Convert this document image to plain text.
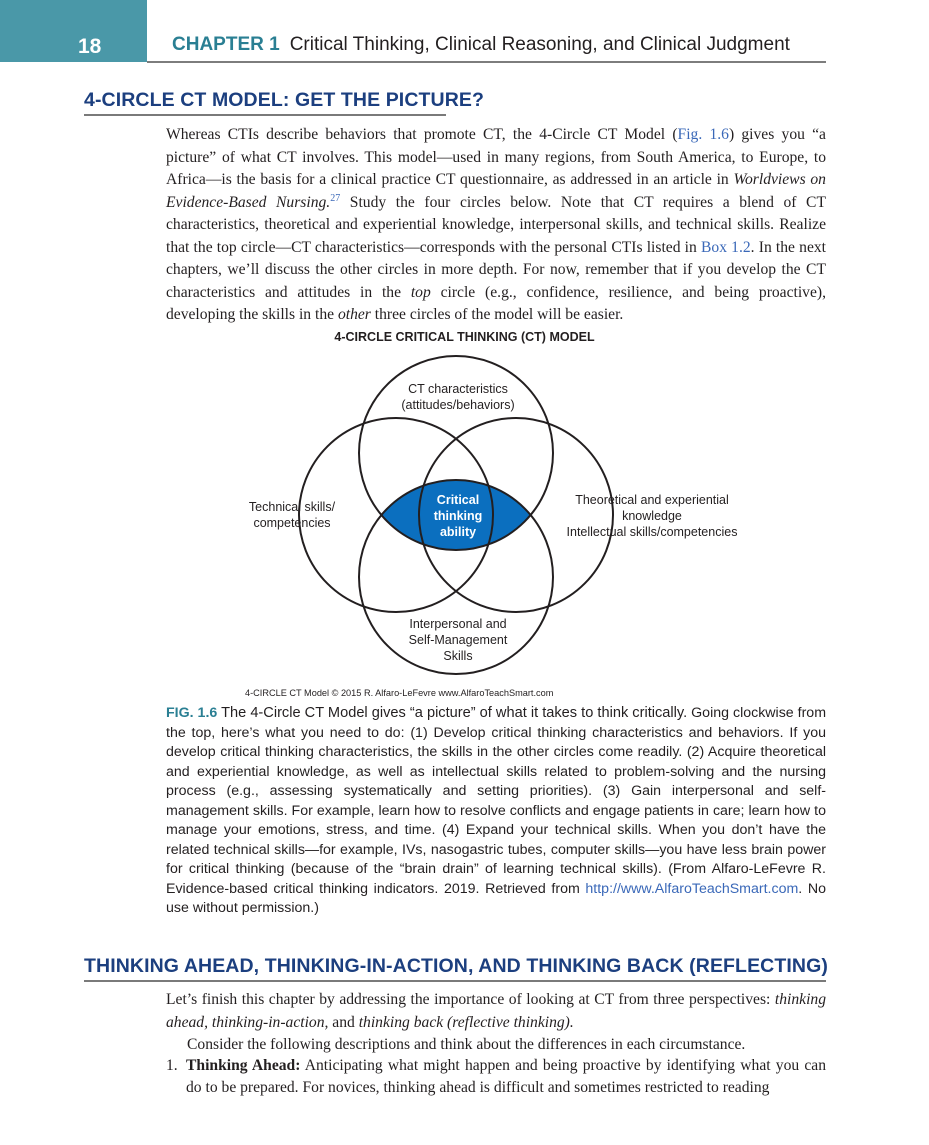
18	CHAPTER 1 Critical Thinking, Clinical Reasoning, and Clinical Judgment
4-CIRCLE CT MODEL: GET THE PICTURE?

Whereas CTIs describe behaviors that promote CT, the 4-Circle CT Model (Fig. 1.6) gives you “a picture” of what CT involves. This model—used in many regions, from South America, to Europe, to Africa—is the basis for a clinical practice CT questionnaire, as addressed in an article in Worldviews on Evidence-Based Nursing.$^{27}$ Study the four circles below. Note that CT requires a blend of CT characteristics, theoretical and experiential knowledge, interpersonal skills, and technical skills. Realize that the top circle—CT characteristics—corresponds with the personal CTIs listed in Box 1.2. In the next chapters, we’ll discuss the other circles in more depth. For now, remember that if you develop the CT characteristics and attitudes in the top circle (e.g., confidence, resilience, and being proactive), developing the skills in the other three circles of the model will be easier.

4-CIRCLE CRITICAL THINKING (CT) MODEL
CT characteristics
(attitudes/behaviors)
Technical skills/
competencies
Theoretical and experiential
knowledge
Intellectual skills/competencies
Interpersonal and
Self-Management
Skills
Critical
thinking
ability
4-CIRCLE CT Model © 2015 R. Alfaro-LeFevre www.AlfaroTeachSmart.com
FIG. 1.6 The 4-Circle CT Model gives “a picture” of what it takes to think critically. Going clockwise from the top, here’s what you need to do: (1) Develop critical thinking characteristics and behaviors. If you develop critical thinking characteristics, the skills in the other circles come readily. (2) Acquire theoretical and experiential knowledge, as well as intellectual skills related to problem-solving and the nursing process (e.g., assessing systematically and setting priorities). (3) Gain interpersonal and self-management skills. For example, learn how to resolve conflicts and engage patients in care; learn how to manage your emotions, stress, and time. (4) Expand your technical skills. When you don’t have the related technical skills—for example, IVs, nasogastric tubes, computer skills—you have less brain power for critical thinking (because of the “brain drain” of learning technical skills). (From Alfaro-LeFevre R. Evidence-based critical thinking indicators. 2019. Retrieved from http://www.AlfaroTeachSmart.com. No use without permission.)
THINKING AHEAD, THINKING-IN-ACTION, AND THINKING BACK (REFLECTING)

Let’s finish this chapter by addressing the importance of looking at CT from three perspectives: thinking ahead, thinking-in-action, and thinking back (reflective thinking).

Consider the following descriptions and think about the differences in each circumstance.

1. Thinking Ahead: Anticipating what might happen and being proactive by identifying what you can do to be prepared. For novices, thinking ahead is difficult and sometimes restricted to reading
